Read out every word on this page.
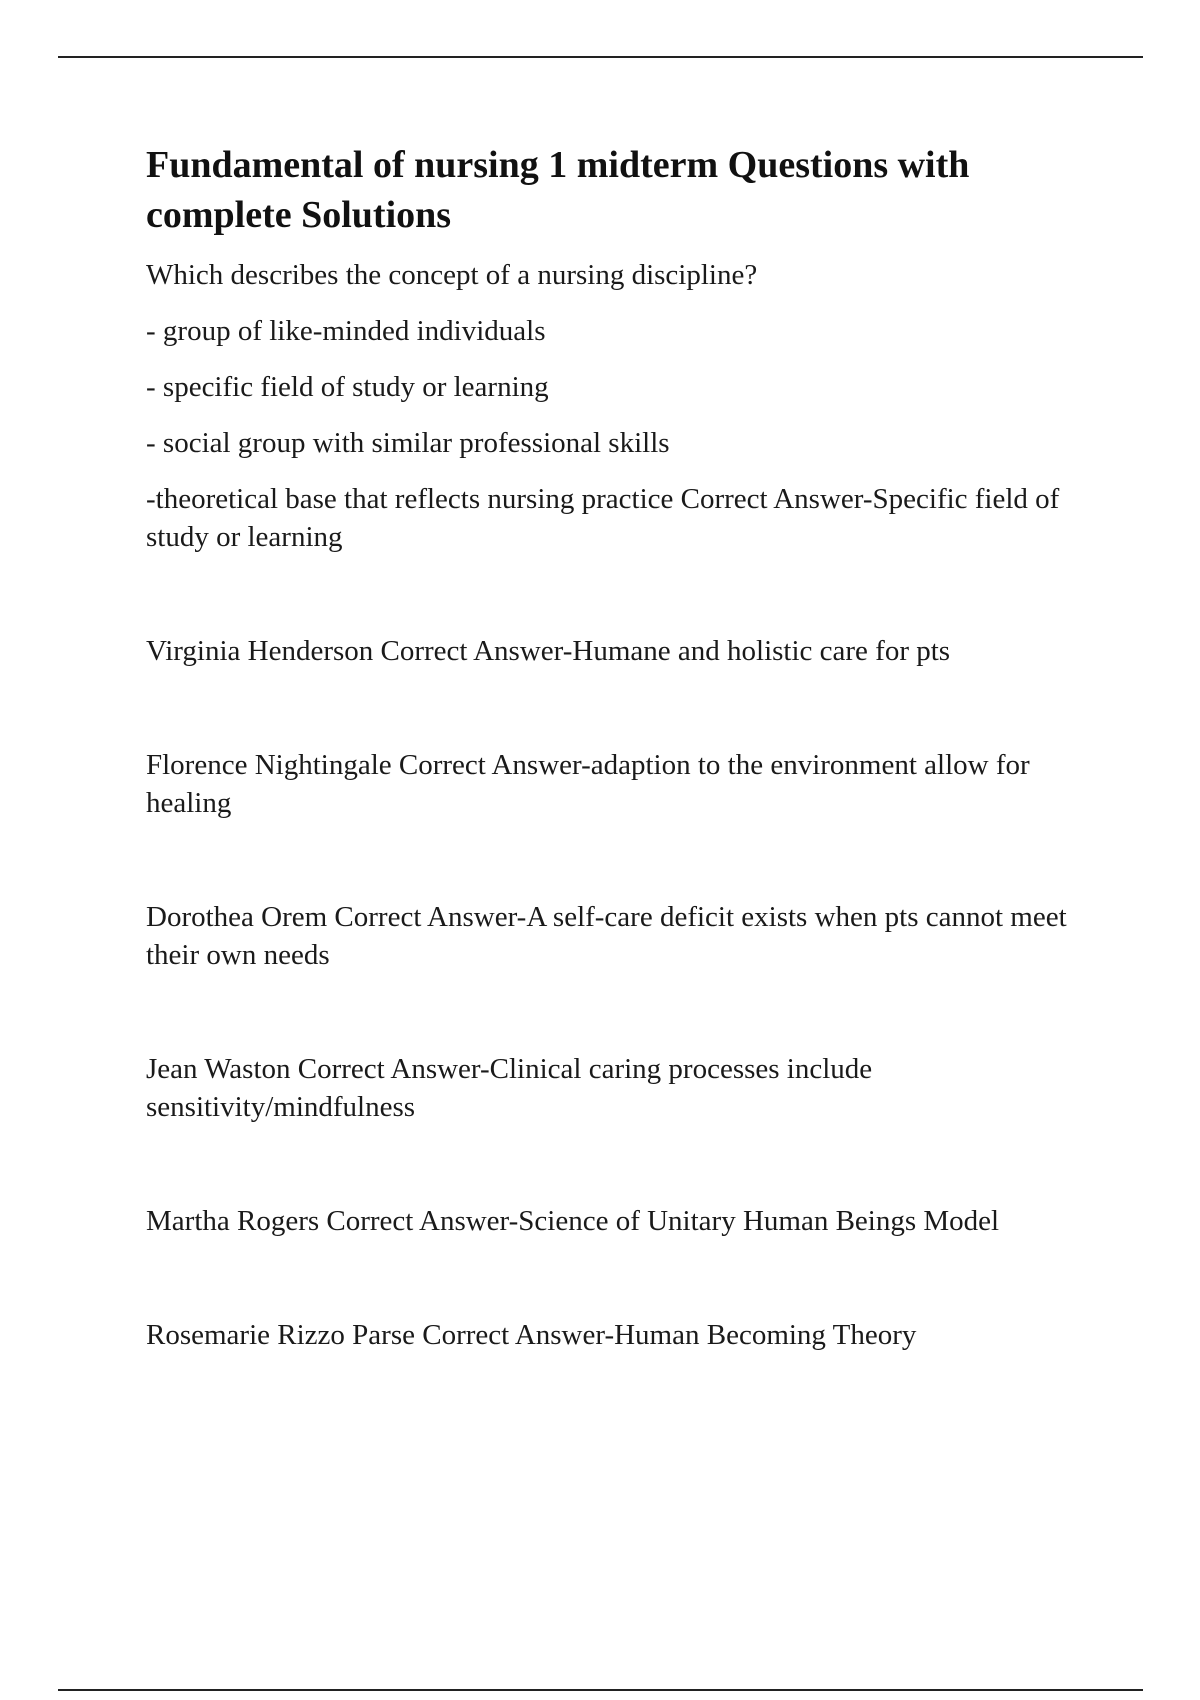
Fundamental of nursing 1 midterm Questions with complete Solutions

Which describes the concept of a nursing discipline?

- group of like-minded individuals

- specific field of study or learning

- social group with similar professional skills

-theoretical base that reflects nursing practice Correct Answer-Specific field of study or learning

Virginia Henderson Correct Answer-Humane and holistic care for pts

Florence Nightingale Correct Answer-adaption to the environment allow for healing

Dorothea Orem Correct Answer-A self-care deficit exists when pts cannot meet their own needs

Jean Waston Correct Answer-Clinical caring processes include sensitivity/mindfulness

Martha Rogers Correct Answer-Science of Unitary Human Beings Model

Rosemarie Rizzo Parse Correct Answer-Human Becoming Theory
